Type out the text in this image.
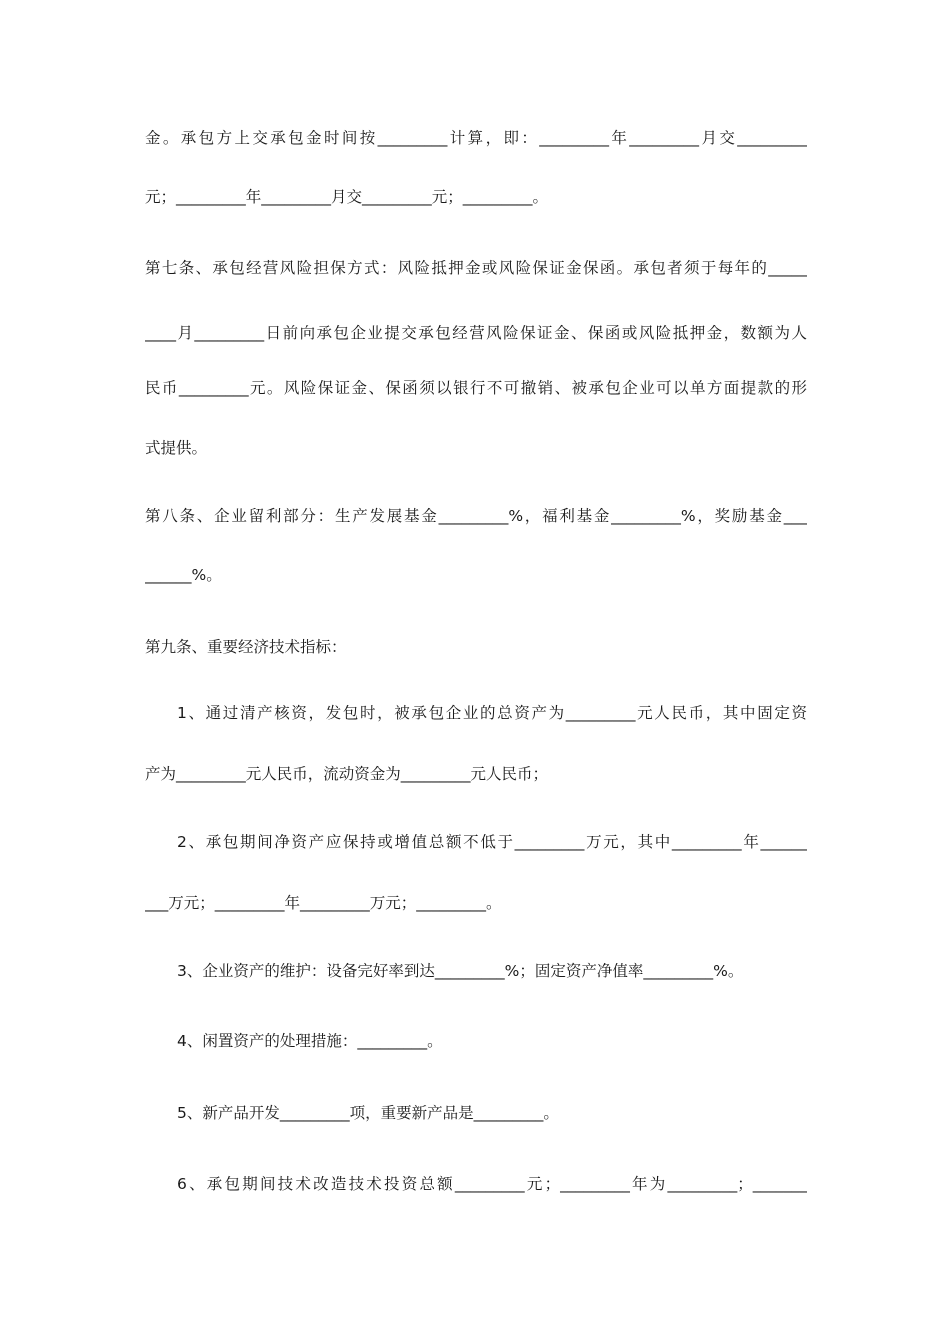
金。承包方上交承包金时间按_________计算，即：_________年_________月交_________
元；_________年_________月交_________元；_________。
第七条、承包经营风险担保方式：风险抵押金或风险保证金保函。承包者须于每年的_____
____月_________日前向承包企业提交承包经营风险保证金、保函或风险抵押金，数额为人
民币_________元。风险保证金、保函须以银行不可撤销、被承包企业可以单方面提款的形
式提供。
第八条、企业留利部分：生产发展基金_________%，福利基金_________%，奖励基金___
______%。
第九条、重要经济技术指标：
1、通过清产核资，发包时，被承包企业的总资产为_________元人民币，其中固定资
产为_________元人民币，流动资金为_________元人民币；
2、承包期间净资产应保持或增值总额不低于_________万元，其中_________年______
___万元；_________年_________万元；_________。
3、企业资产的维护：设备完好率到达_________%；固定资产净值率_________%。
4、闲置资产的处理措施：_________。
5、新产品开发_________项，重要新产品是_________。
6、承包期间技术改造技术投资总额_________元；_________年为_________；_______
